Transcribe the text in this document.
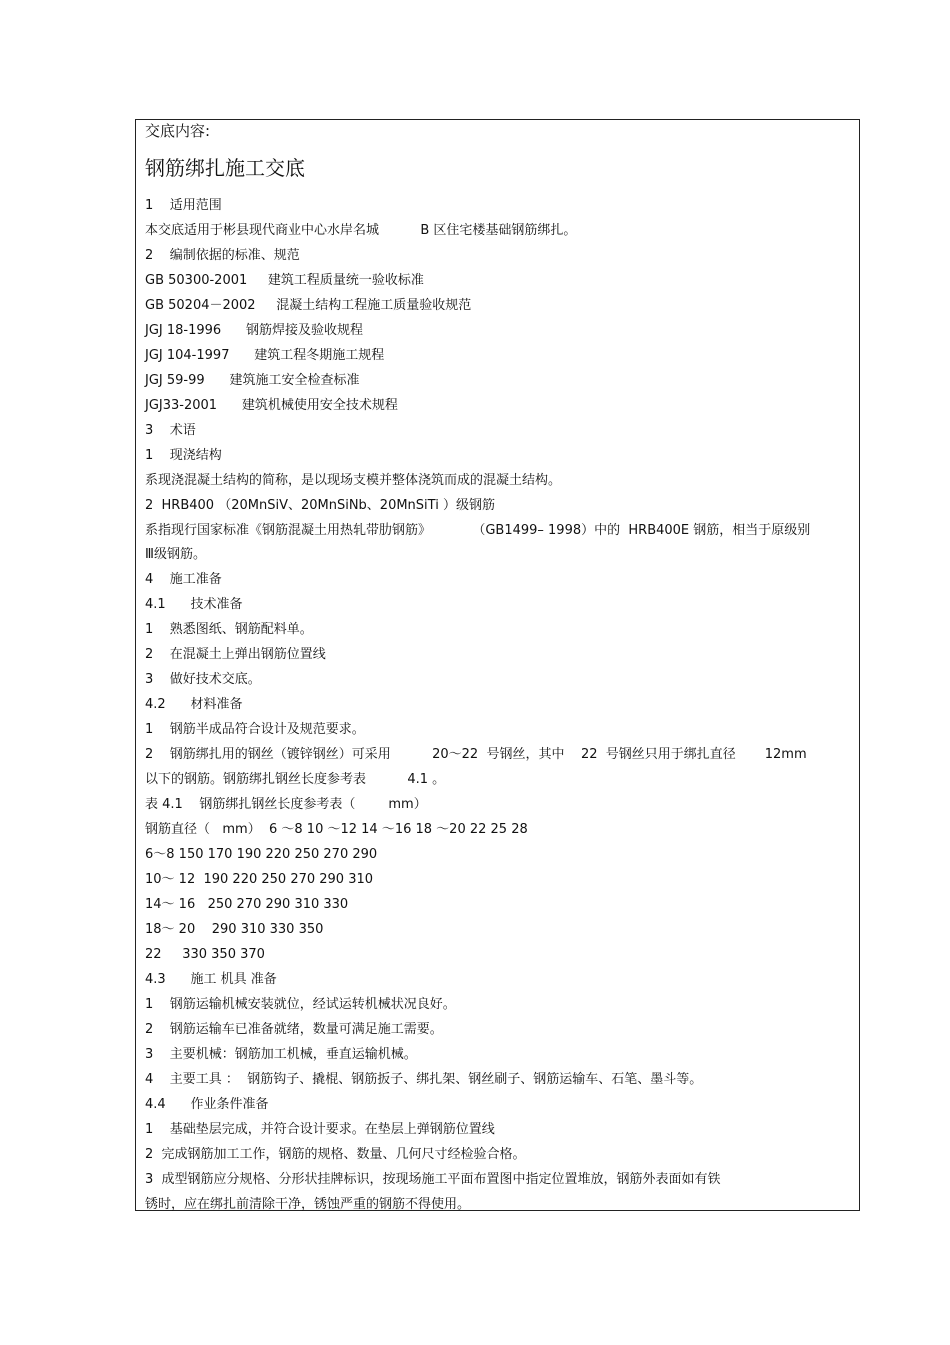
交底内容:
钢筋绑扎施工交底
1    适用范围
本交底适用于彬县现代商业中心水岸名城          B 区住宅楼基础钢筋绑扎。
2    编制依据的标准、规范
GB 50300-2001     建筑工程质量统一验收标准
GB 50204－2002     混凝土结构工程施工质量验收规范
JGJ 18-1996      钢筋焊接及验收规程
JGJ 104-1997      建筑工程冬期施工规程
JGJ 59-99      建筑施工安全检查标准
JGJ33-2001      建筑机械使用安全技术规程
3    术语
1    现浇结构
系现浇混凝土结构的简称，是以现场支模并整体浇筑而成的混凝土结构。
2  HRB400 （20MnSiV、20MnSiNb、20MnSiTi ）级钢筋
系指现行国家标准《钢筋混凝土用热轧带肋钢筋》          （GB1499– 1998）中的  HRB400E 钢筋，相当于原级别
Ⅲ级钢筋。
4    施工准备
4.1      技术准备
1    熟悉图纸、钢筋配料单。
2    在混凝土上弹出钢筋位置线
3    做好技术交底。
4.2      材料准备
1    钢筋半成品符合设计及规范要求。
2    钢筋绑扎用的钢丝（镀锌钢丝）可采用          20～22  号钢丝，其中    22  号钢丝只用于绑扎直径       12mm
以下的钢筋。钢筋绑扎钢丝长度参考表          4.1 。
表 4.1    钢筋绑扎钢丝长度参考表（        mm）
钢筋直径（   mm）  6 ～8 10 ～12 14 ～16 18 ～20 22 25 28
6～8 150 170 190 220 250 270 290
10～ 12  190 220 250 270 290 310
14～ 16   250 270 290 310 330
18～ 20    290 310 330 350
22     330 350 370
4.3      施工 机具 准备
1    钢筋运输机械安装就位，经试运转机械状况良好。
2    钢筋运输车已准备就绪，数量可满足施工需要。
3    主要机械：钢筋加工机械，垂直运输机械。
4    主要工具 ：  钢筋钩子、撬棍、钢筋扳子、绑扎架、钢丝刷子、钢筋运输车、石笔、墨斗等。
4.4      作业条件准备
1    基础垫层完成，并符合设计要求。在垫层上弹钢筋位置线
2  完成钢筋加工工作，钢筋的规格、数量、几何尺寸经检验合格。
3  成型钢筋应分规格、分形状挂牌标识，按现场施工平面布置图中指定位置堆放，钢筋外表面如有铁
锈时，应在绑扎前清除干净，锈蚀严重的钢筋不得使用。
